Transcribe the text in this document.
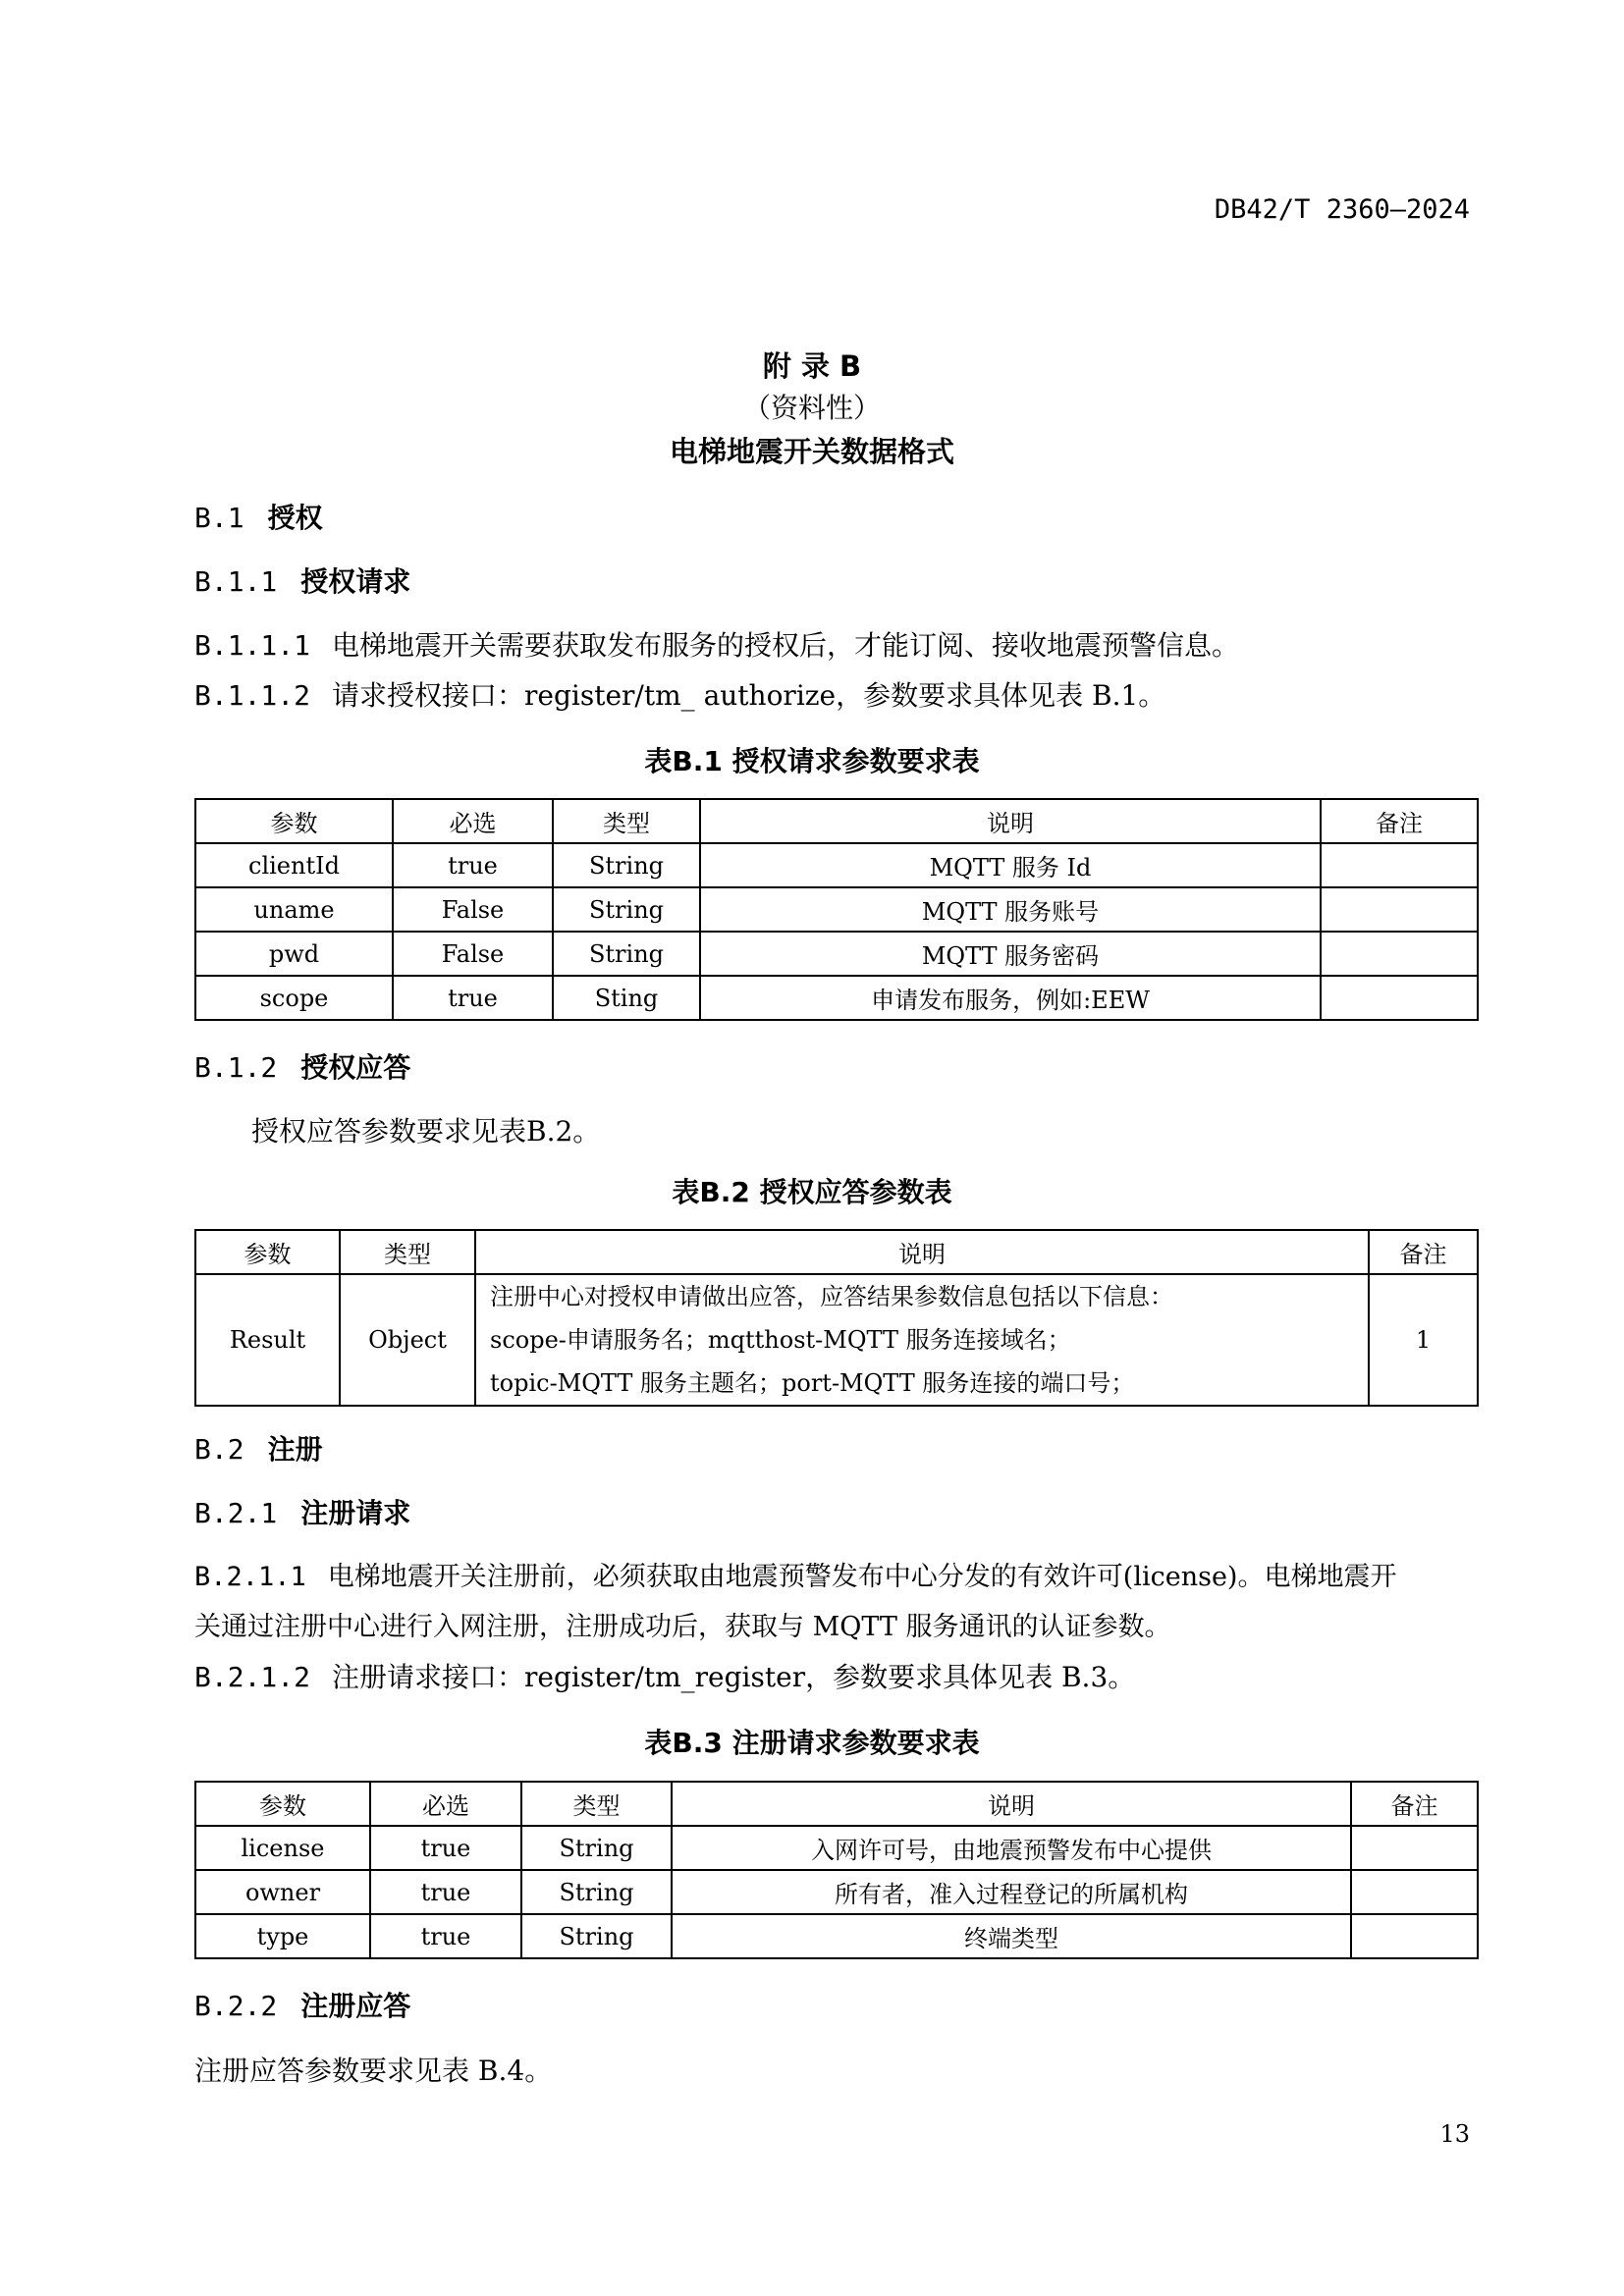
DB42/T 2360—2024
附 录 B
（资料性）
电梯地震开关数据格式
B.1 授权
B.1.1 授权请求
B.1.1.1 电梯地震开关需要获取发布服务的授权后，才能订阅、接收地震预警信息。
B.1.1.2 请求授权接口：register/tm_ authorize，参数要求具体见表 B.1。
表B.1 授权请求参数要求表
参数	必选	类型	说明	备注
clientId	true	String	MQTT 服务 Id	
uname	False	String	MQTT 服务账号	
pwd	False	String	MQTT 服务密码	
scope	true	Sting	申请发布服务，例如:EEW	
B.1.2 授权应答
授权应答参数要求见表B.2。
表B.2 授权应答参数表
参数	类型	说明	备注
Result	Object	注册中心对授权申请做出应答，应答结果参数信息包括以下信息：
scope-申请服务名；mqtthost-MQTT 服务连接域名；
topic-MQTT 服务主题名；port-MQTT 服务连接的端口号；	1
B.2 注册
B.2.1 注册请求
B.2.1.1 电梯地震开关注册前，必须获取由地震预警发布中心分发的有效许可(license)。电梯地震开
关通过注册中心进行入网注册，注册成功后，获取与 MQTT 服务通讯的认证参数。
B.2.1.2 注册请求接口：register/tm_register，参数要求具体见表 B.3。
表B.3 注册请求参数要求表
参数	必选	类型	说明	备注
license	true	String	入网许可号，由地震预警发布中心提供	
owner	true	String	所有者，准入过程登记的所属机构	
type	true	String	终端类型	
B.2.2 注册应答
注册应答参数要求见表 B.4。
13
